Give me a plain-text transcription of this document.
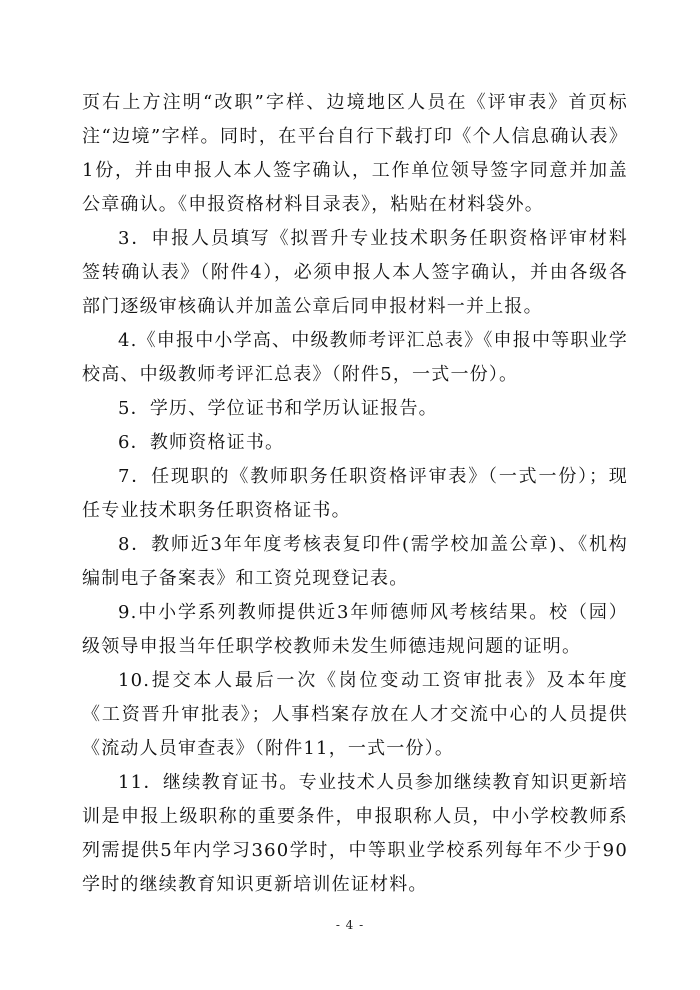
页右上方注明“改职”字样、边境地区人员在《评审表》首页标注“边境”字样。同时，在平台自行下载打印《个人信息确认表》1份，并由申报人本人签字确认，工作单位领导签字同意并加盖公章确认。《申报资格材料目录表》，粘贴在材料袋外。

3．申报人员填写《拟晋升专业技术职务任职资格评审材料签转确认表》（附件4），必须申报人本人签字确认，并由各级各部门逐级审核确认并加盖公章后同申报材料一并上报。

4.《申报中小学高、中级教师考评汇总表》《申报中等职业学校高、中级教师考评汇总表》（附件5，一式一份）。

5．学历、学位证书和学历认证报告。

6．教师资格证书。

7．任现职的《教师职务任职资格评审表》（一式一份）；现任专业技术职务任职资格证书。

8．教师近3年年度考核表复印件(需学校加盖公章)、《机构编制电子备案表》和工资兑现登记表。

9.中小学系列教师提供近3年师德师风考核结果。校（园）级领导申报当年任职学校教师未发生师德违规问题的证明。

10.提交本人最后一次《岗位变动工资审批表》及本年度《工资晋升审批表》；人事档案存放在人才交流中心的人员提供《流动人员审查表》（附件11，一式一份）。

11．继续教育证书。专业技术人员参加继续教育知识更新培训是申报上级职称的重要条件，申报职称人员，中小学校教师系列需提供5年内学习360学时，中等职业学校系列每年不少于90学时的继续教育知识更新培训佐证材料。

- 4 -
